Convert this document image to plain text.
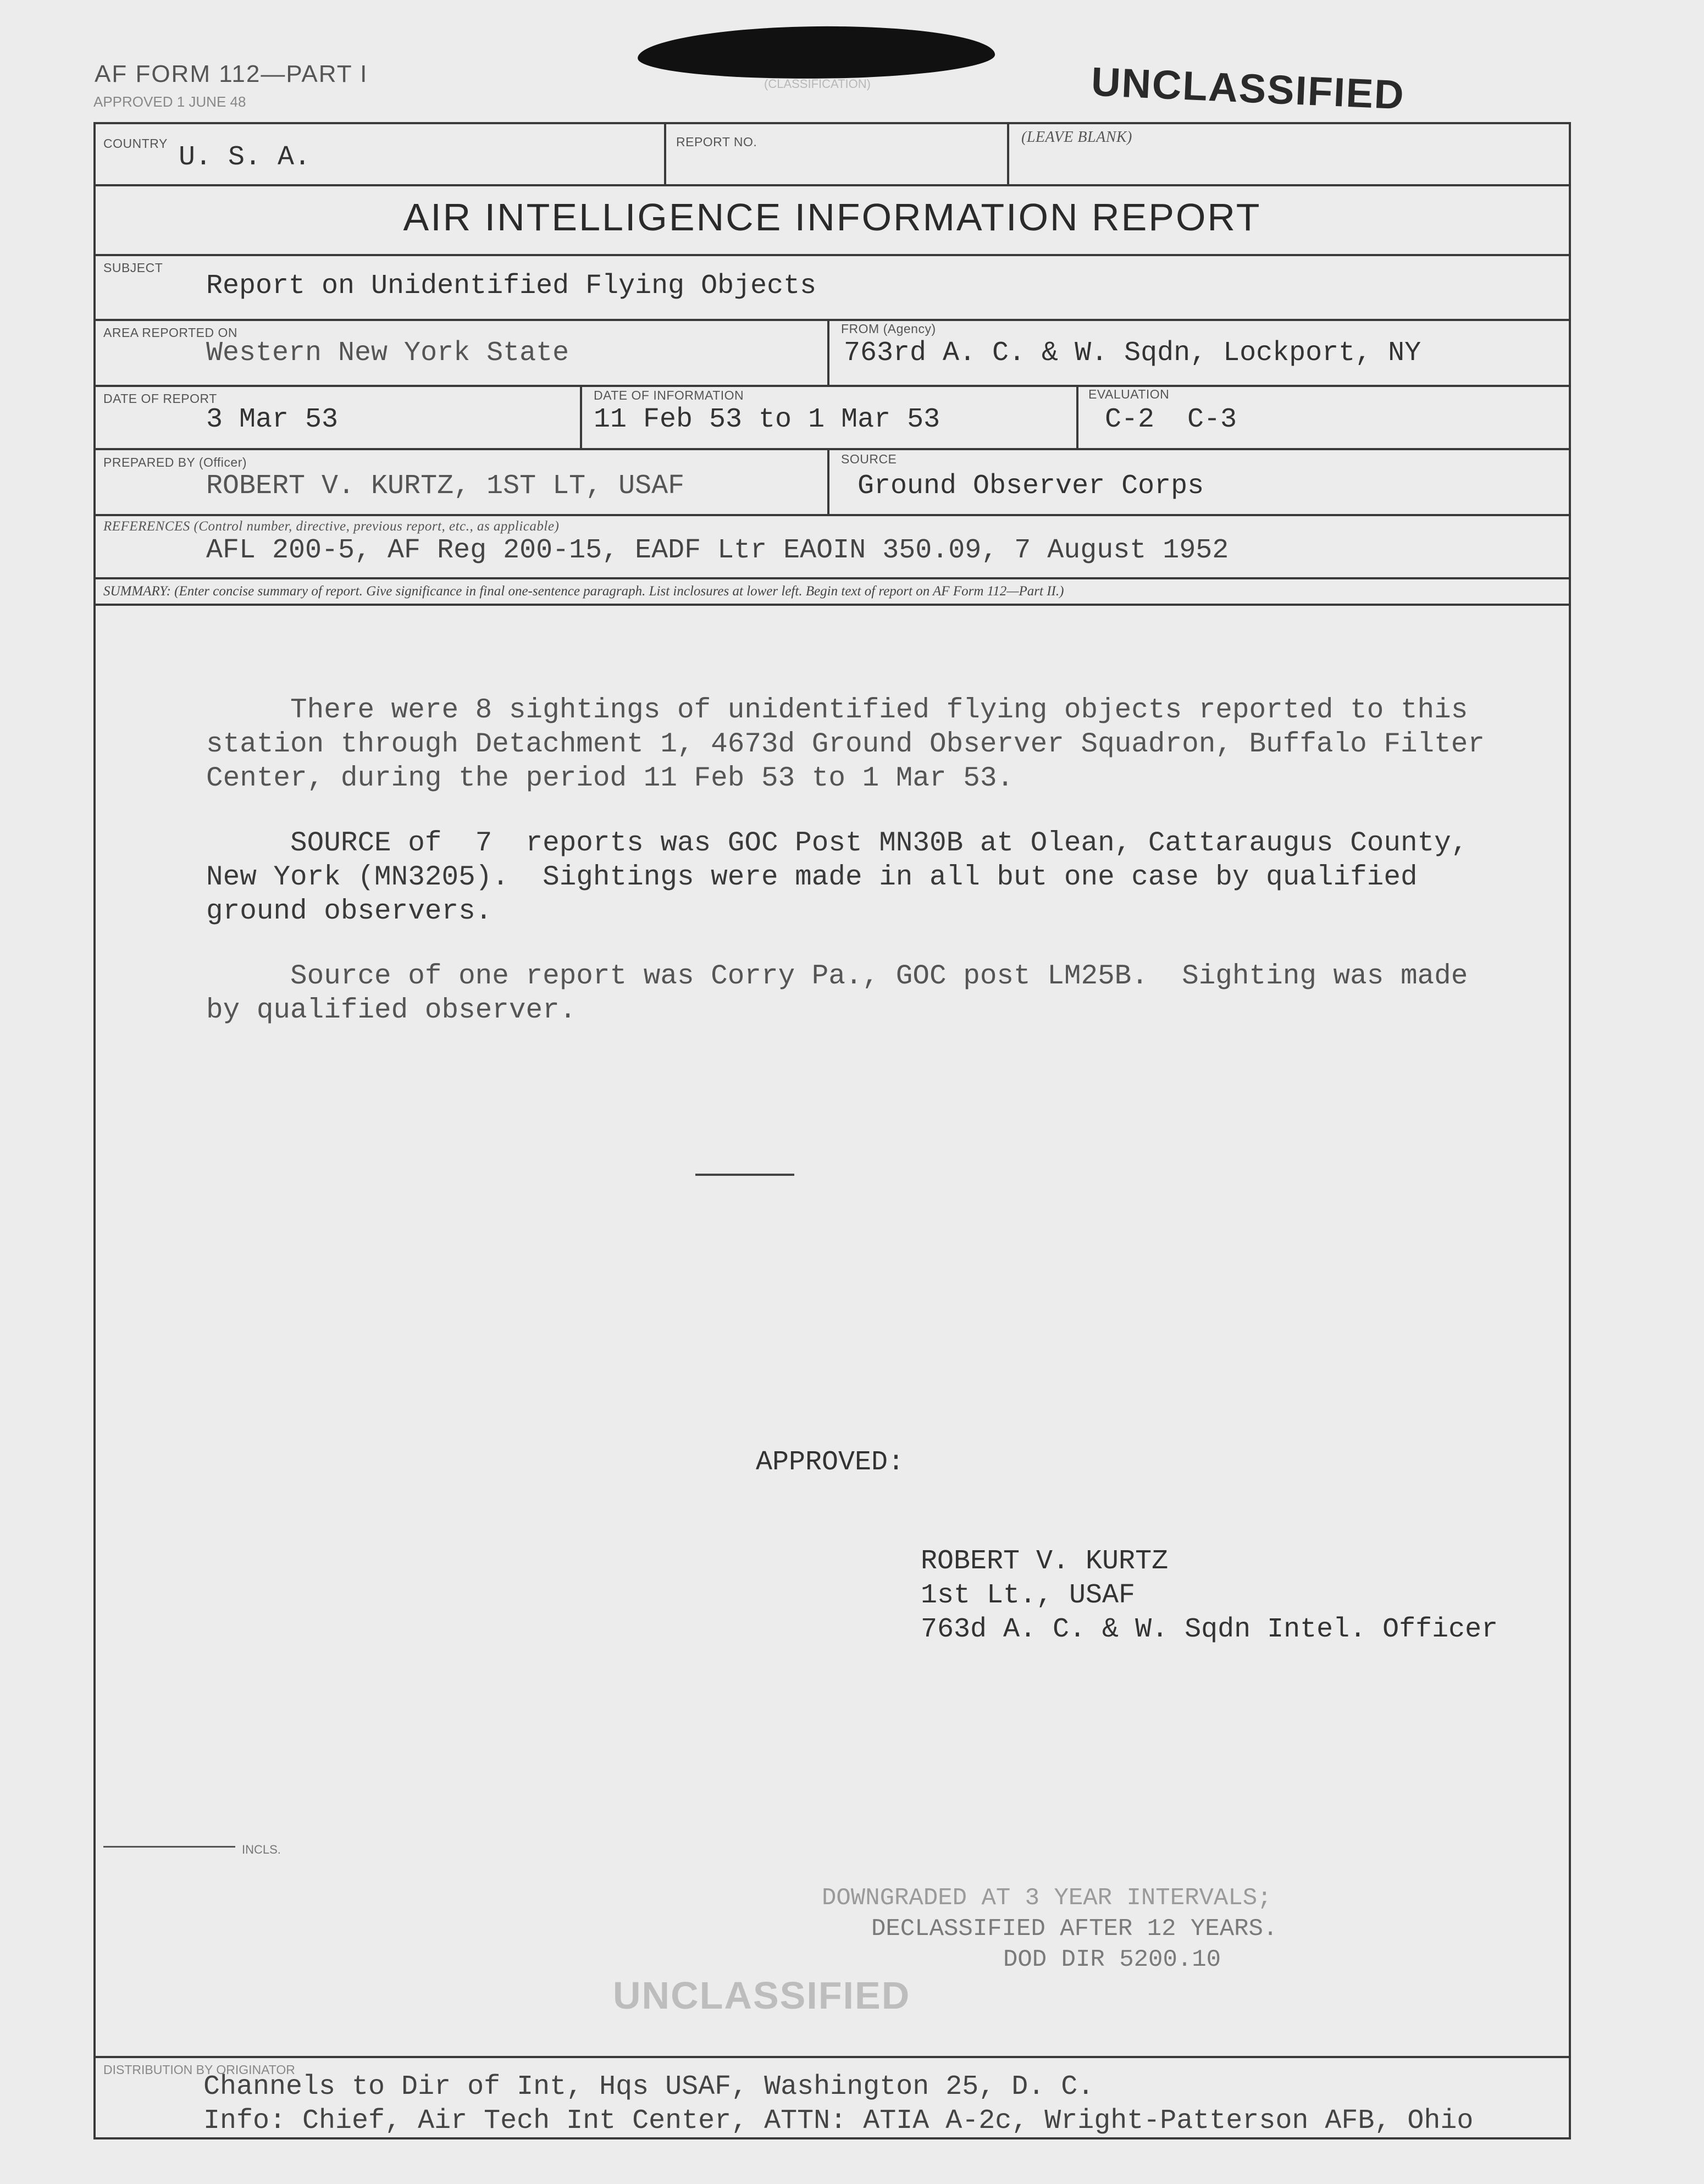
(CLASSIFICATION)
AF FORM 112—PART I
APPROVED 1 JUNE 48	UNCLASSIFIED
COUNTRY U. S. A.	REPORT NO.	(LEAVE BLANK)
AIR INTELLIGENCE INFORMATION REPORT
SUBJECT
Report on Unidentified Flying Objects
AREA REPORTED ON
Western New York State
FROM (Agency)
763rd A. C. & W. Sqdn, Lockport, NY
DATE OF REPORT
3 Mar 53
DATE OF INFORMATION
11 Feb 53 to 1 Mar 53
EVALUATION
C-2  C-3
PREPARED BY (Officer)
ROBERT V. KURTZ, 1ST LT, USAF
SOURCE
Ground Observer Corps
REFERENCES (Control number, directive, previous report, etc., as applicable)
AFL 200-5, AF Reg 200-15, EADF Ltr EAOIN 350.09, 7 August 1952
SUMMARY: (Enter concise summary of report. Give significance in final one-sentence paragraph. List inclosures at lower left. Begin text of report on AF Form 112—Part II.)
There were 8 sightings of unidentified flying objects reported to this
station through Detachment 1, 4673d Ground Observer Squadron, Buffalo Filter
Center, during the period 11 Feb 53 to 1 Mar 53.
SOURCE of  7  reports was GOC Post MN30B at Olean, Cattaraugus County,
New York (MN3205).  Sightings were made in all but one case by qualified
ground observers.
Source of one report was Corry Pa., GOC post LM25B.  Sighting was made
by qualified observer.
APPROVED:
ROBERT V. KURTZ
1st Lt., USAF
763d A. C. & W. Sqdn Intel. Officer
INCLS.
DOWNGRADED AT 3 YEAR INTERVALS;
DECLASSIFIED AFTER 12 YEARS.
DOD DIR 5200.10
UNCLASSIFIED
DISTRIBUTION BY ORIGINATOR
Channels to Dir of Int, Hqs USAF, Washington 25, D. C.
Info: Chief, Air Tech Int Center, ATTN: ATIA A-2c, Wright-Patterson AFB, Ohio
